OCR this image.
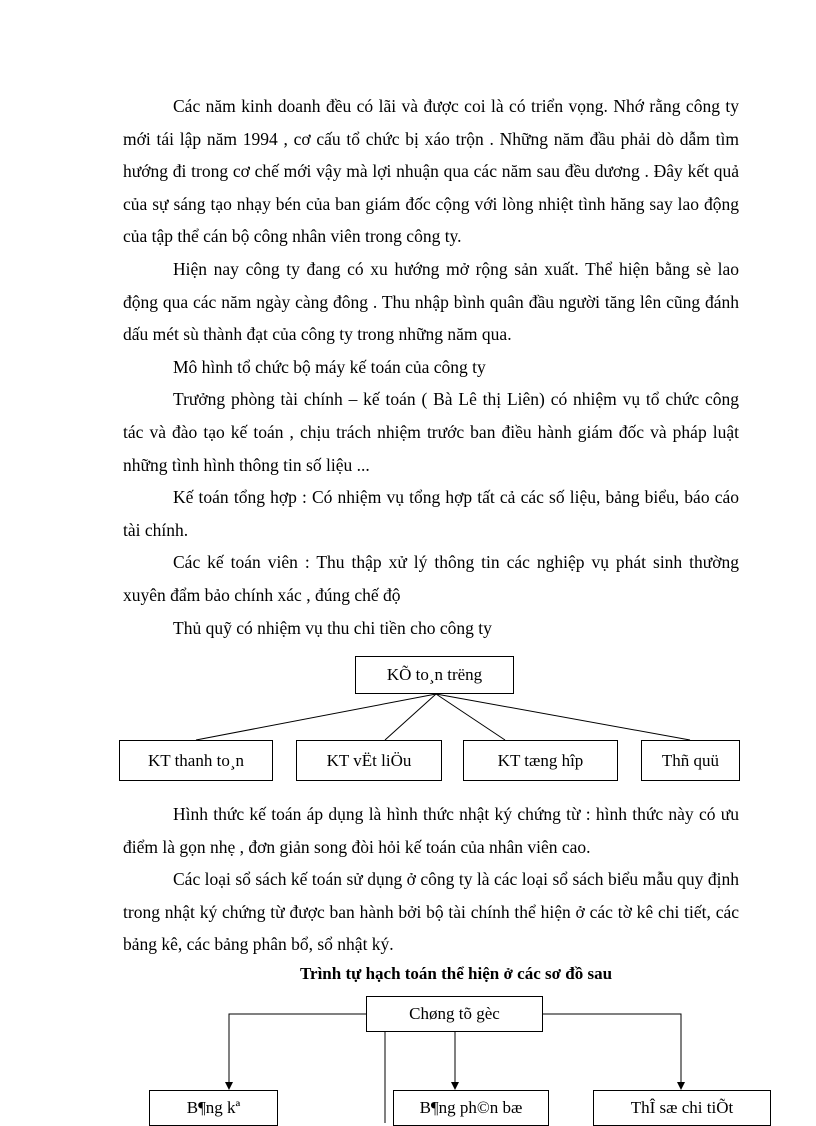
Các năm kinh doanh đều có lãi và được coi là có triển vọng. Nhớ rằng công ty mới tái lập năm 1994 , cơ cấu tổ chức bị xáo trộn . Những năm đầu phải dò dẫm tìm hướng đi trong cơ chế mới vậy mà lợi nhuận qua các năm sau đều dương . Đây kết quả của sự sáng tạo nhạy bén của ban giám đốc cộng với lòng nhiệt tình hăng say lao động của tập thể cán bộ công nhân viên trong công ty.

Hiện nay công ty đang có xu hướng mở rộng sản xuất. Thể hiện bằng sè lao động qua các năm ngày càng đông . Thu nhập bình quân đầu người tăng lên cũng đánh dấu mét sù thành đạt của công ty trong những năm qua.

Mô hình tổ chức bộ máy kế toán của công ty

Trưởng phòng tài chính – kế toán ( Bà Lê thị Liên) có nhiệm vụ tổ chức công tác và đào tạo kế toán , chịu trách nhiệm trước ban điều hành giám đốc và pháp luật những tình hình thông tin số liệu ...

Kế toán tổng hợp : Có nhiệm vụ tổng hợp tất cả các số liệu, bảng biểu, báo cáo tài chính.

Các kế toán viên : Thu thập xử lý thông tin các nghiệp vụ phát sinh thường xuyên đẩm bảo chính xác , đúng chế độ

Thủ quỹ có nhiệm vụ thu chi tiền cho công ty

KÕ to¸n trëng
KT thanh to¸n	KT vËt liÖu	KT tæng hîp	Thñ quü

Hình thức kế toán áp dụng là hình thức nhật ký chứng từ : hình thức này có ưu điểm là gọn nhẹ , đơn giản song đòi hỏi kế toán của nhân viên cao.

Các loại sổ sách kế toán sử dụng ở công ty là các loại sổ sách biểu mẫu quy định trong nhật ký chứng từ được ban hành bởi bộ tài chính thể hiện ở các tờ kê chi tiết, các bảng kê, các bảng phân bổ, sổ nhật ký.

Trình tự hạch toán thể hiện ở các sơ đồ sau
Chøng tõ gèc
B¶ng kª	B¶ng ph©n bæ	ThÎ sæ chi tiÕt
